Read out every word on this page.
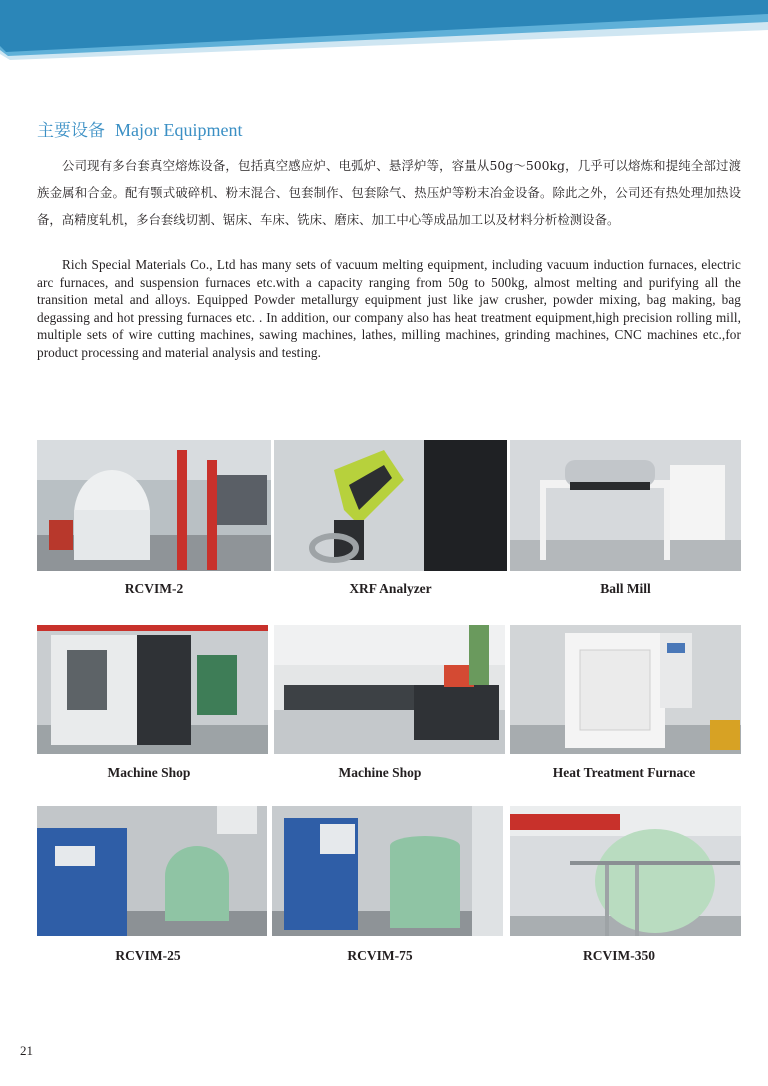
主要设备 Major Equipment

公司现有多台套真空熔炼设备，包括真空感应炉、电弧炉、悬浮炉等，容量从50g～500kg，几乎可以熔炼和提纯全部过渡族金属和合金。配有颚式破碎机、粉末混合、包套制作、包套除气、热压炉等粉末冶金设备。除此之外，公司还有热处理加热设备，高精度轧机，多台套线切割、锯床、车床、铣床、磨床、加工中心等成品加工以及材料分析检测设备。

Rich Special Materials Co., Ltd has many sets of vacuum melting equipment, including vacuum induction furnaces, electric arc furnaces, and suspension furnaces etc.with a capacity ranging from 50g to 500kg, almost melting and purifying all the transition metal and alloys. Equipped Powder metallurgy equipment just like jaw crusher, powder mixing, bag making, bag degassing and hot pressing furnaces etc. . In addition, our company also has heat treatment equipment,high precision rolling mill, multiple sets of wire cutting machines, sawing machines, lathes, milling machines, grinding machines, CNC machines etc.,for product processing and material analysis and testing.

RCVIM-2	XRF Analyzer	Ball Mill
Machine Shop	Machine Shop	Heat Treatment Furnace
RCVIM-25	RCVIM-75	RCVIM-350
21
